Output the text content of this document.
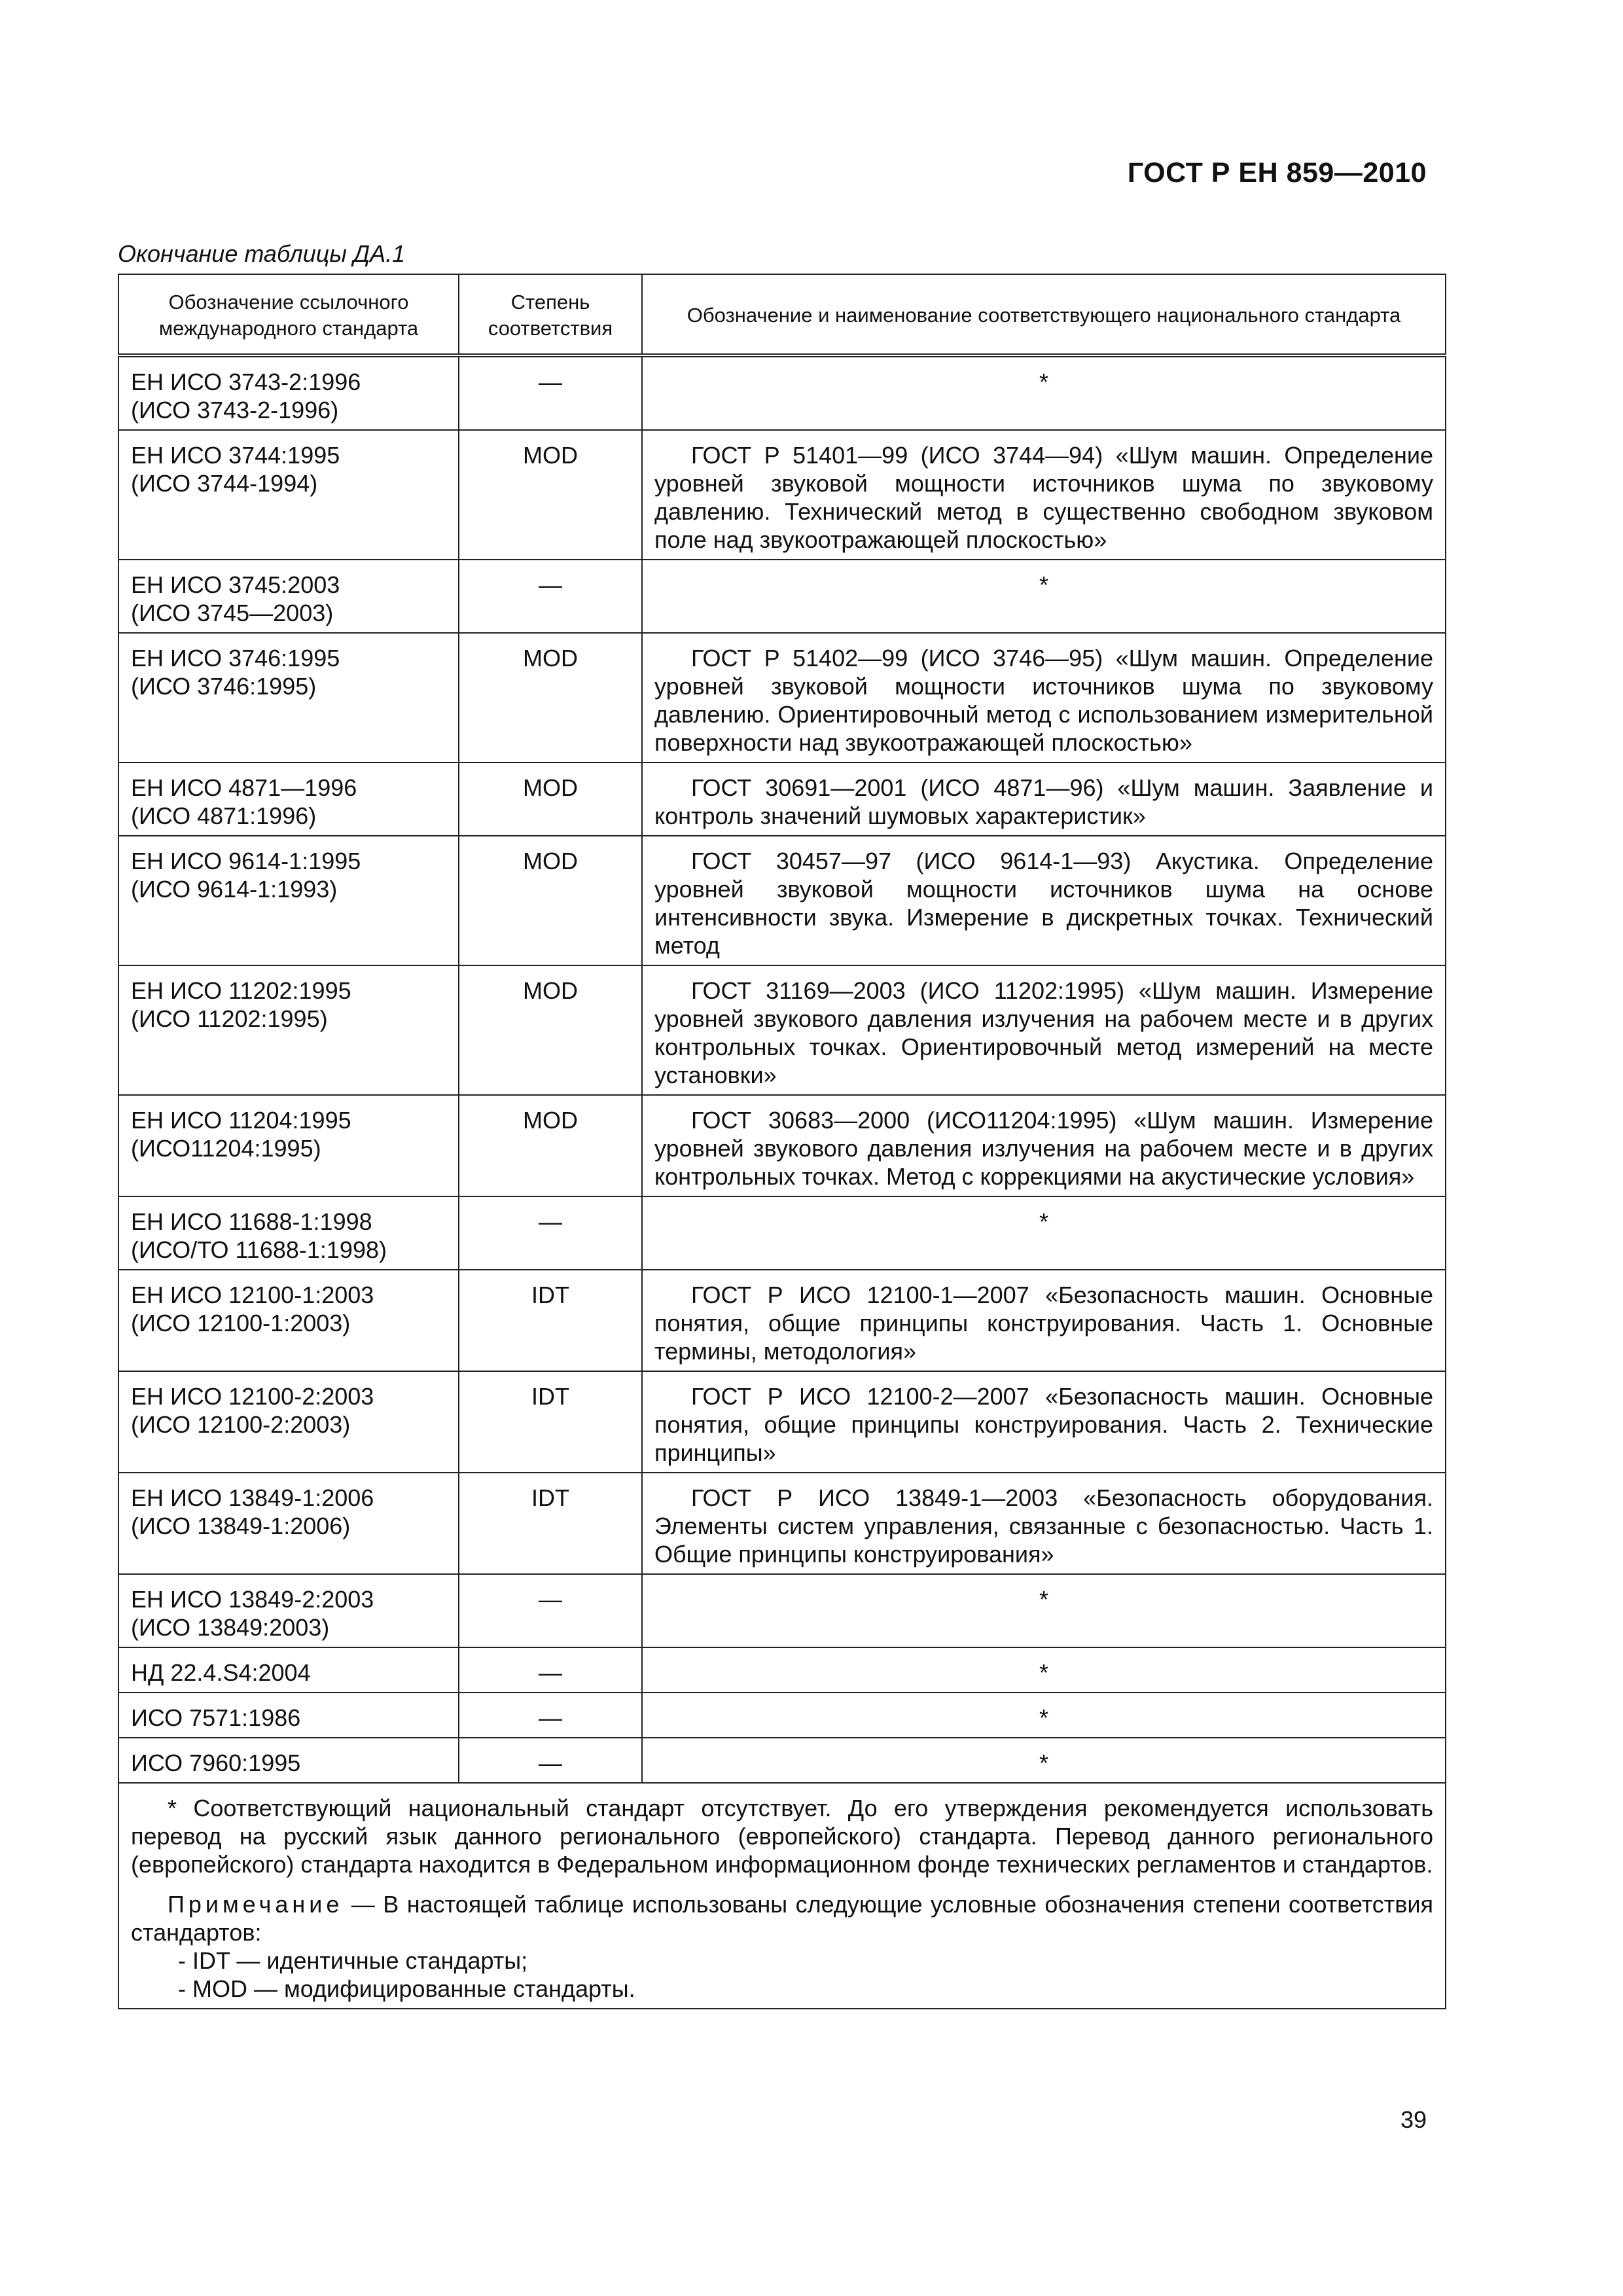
ГОСТ Р ЕН 859—2010
Окончание таблицы ДА.1
Обозначение ссылочного международного стандарта	Степень соответствия	Обозначение и наименование соответствующего национального стандарта
ЕН ИСО 3743-2:1996
(ИСО 3743-2-1996)	—	*
ЕН ИСО 3744:1995
(ИСО 3744-1994)	MOD	ГОСТ Р 51401—99 (ИСО 3744—94) «Шум машин. Определение уровней звуковой мощности источников шума по звуковому давлению. Технический метод в существенно свободном звуковом поле над звукоотражающей плоскостью»

ЕН ИСО 3745:2003
(ИСО 3745—2003)	—	*
ЕН ИСО 3746:1995
(ИСО 3746:1995)	MOD	ГОСТ Р 51402—99 (ИСО 3746—95) «Шум машин. Определение уровней звуковой мощности источников шума по звуковому давлению. Ориентировочный метод с использованием измерительной поверхности над звукоотражающей плоскостью»

ЕН ИСО 4871—1996
(ИСО 4871:1996)	MOD	ГОСТ 30691—2001 (ИСО 4871—96) «Шум машин. Заявление и контроль значений шумовых характеристик»

ЕН ИСО 9614-1:1995
(ИСО 9614-1:1993)	MOD	ГОСТ 30457—97 (ИСО 9614-1—93) Акустика. Определение уровней звуковой мощности источников шума на основе интенсивности звука. Измерение в дискретных точках. Технический метод

ЕН ИСО 11202:1995
(ИСО 11202:1995)	MOD	ГОСТ 31169—2003 (ИСО 11202:1995) «Шум машин. Измерение уровней звукового давления излучения на рабочем месте и в других контрольных точках. Ориентировочный метод измерений на месте установки»

ЕН ИСО 11204:1995
(ИСО11204:1995)	MOD	ГОСТ 30683—2000 (ИСО11204:1995) «Шум машин. Измерение уровней звукового давления излучения на рабочем месте и в других контрольных точках. Метод с коррекциями на акустические условия»

ЕН ИСО 11688-1:1998
(ИСО/ТО 11688-1:1998)	—	*
ЕН ИСО 12100-1:2003
(ИСО 12100-1:2003)	IDT	ГОСТ Р ИСО 12100-1—2007 «Безопасность машин. Основные понятия, общие принципы конструирования. Часть 1. Основные термины, методология»

ЕН ИСО 12100-2:2003
(ИСО 12100-2:2003)	IDT	ГОСТ Р ИСО 12100-2—2007 «Безопасность машин. Основные понятия, общие принципы конструирования. Часть 2. Технические принципы»

ЕН ИСО 13849-1:2006
(ИСО 13849-1:2006)	IDT	ГОСТ Р ИСО 13849-1—2003 «Безопасность оборудования. Элементы систем управления, связанные с безопасностью. Часть 1. Общие принципы конструирования»

ЕН ИСО 13849-2:2003
(ИСО 13849:2003)	—	*
НД 22.4.S4:2004	—	*
ИСО 7571:1986	—	*
ИСО 7960:1995	—	*

* Соответствующий национальный стандарт отсутствует. До его утверждения рекомендуется использовать перевод на русский язык данного регионального (европейского) стандарта. Перевод данного регионального (европейского) стандарта находится в Федеральном информационном фонде технических регламентов и стандартов.

Примечание — В настоящей таблице использованы следующие условные обозначения степени соответствия стандартов:

- IDT — идентичные стандарты;
- MOD — модифицированные стандарты.		
39
